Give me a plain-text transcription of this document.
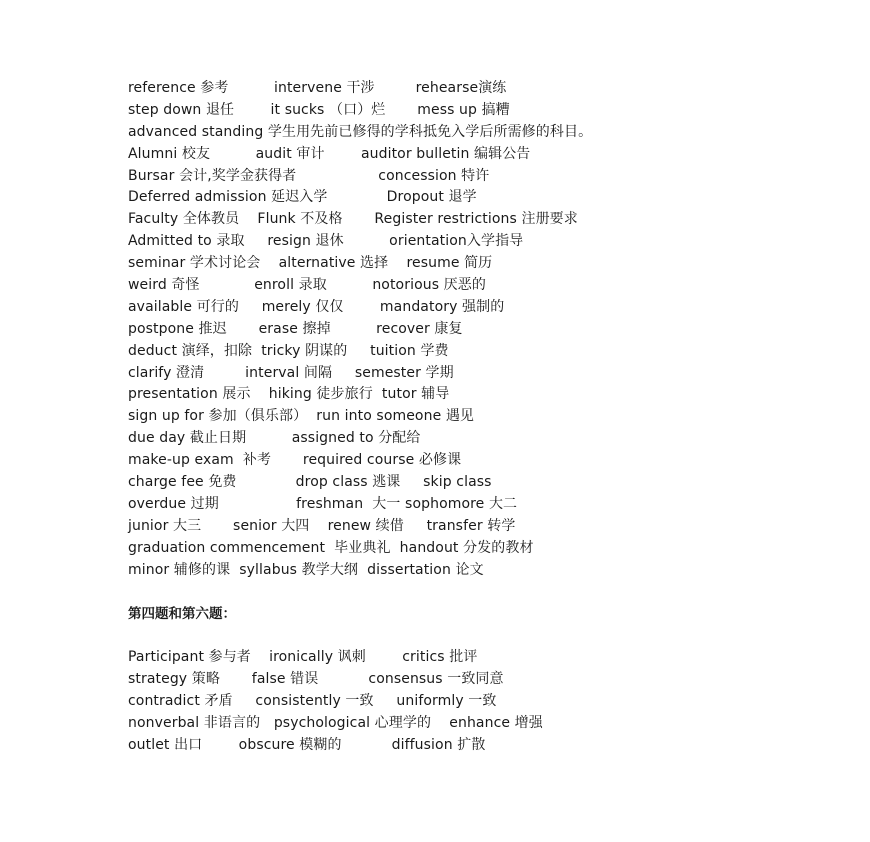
reference 参考          intervene 干涉         rehearse演练
step down 退任        it sucks （口）烂       mess up 搞糟
advanced standing 学生用先前已修得的学科抵免入学后所需修的科目。
Alumni 校友          audit 审计        auditor bulletin 编辑公告
Bursar 会计,奖学金获得者                  concession 特许
Deferred admission 延迟入学             Dropout 退学
Faculty 全体教员    Flunk 不及格       Register restrictions 注册要求
Admitted to 录取     resign 退休          orientation入学指导
seminar 学术讨论会    alternative 选择    resume 简历
weird 奇怪            enroll 录取          notorious 厌恶的
available 可行的     merely 仅仅        mandatory 强制的
postpone 推迟       erase 擦掉          recover 康复
deduct 演绎，扣除  tricky 阴谋的     tuition 学费
clarify 澄清         interval 间隔     semester 学期
presentation 展示    hiking 徒步旅行  tutor 辅导
sign up for 参加（俱乐部）  run into someone 遇见
due day 截止日期          assigned to 分配给
make-up exam  补考       required course 必修课
charge fee 免费             drop class 逃课     skip class
overdue 过期                 freshman  大一 sophomore 大二
junior 大三       senior 大四    renew 续借     transfer 转学
graduation commencement  毕业典礼  handout 分发的教材
minor 辅修的课  syllabus 教学大纲  dissertation 论文
第四题和第六题：
Participant 参与者    ironically 讽刺        critics 批评
strategy 策略       false 错误           consensus 一致同意
contradict 矛盾     consistently 一致     uniformly 一致
nonverbal 非语言的   psychological 心理学的    enhance 增强
outlet 出口        obscure 模糊的           diffusion 扩散
